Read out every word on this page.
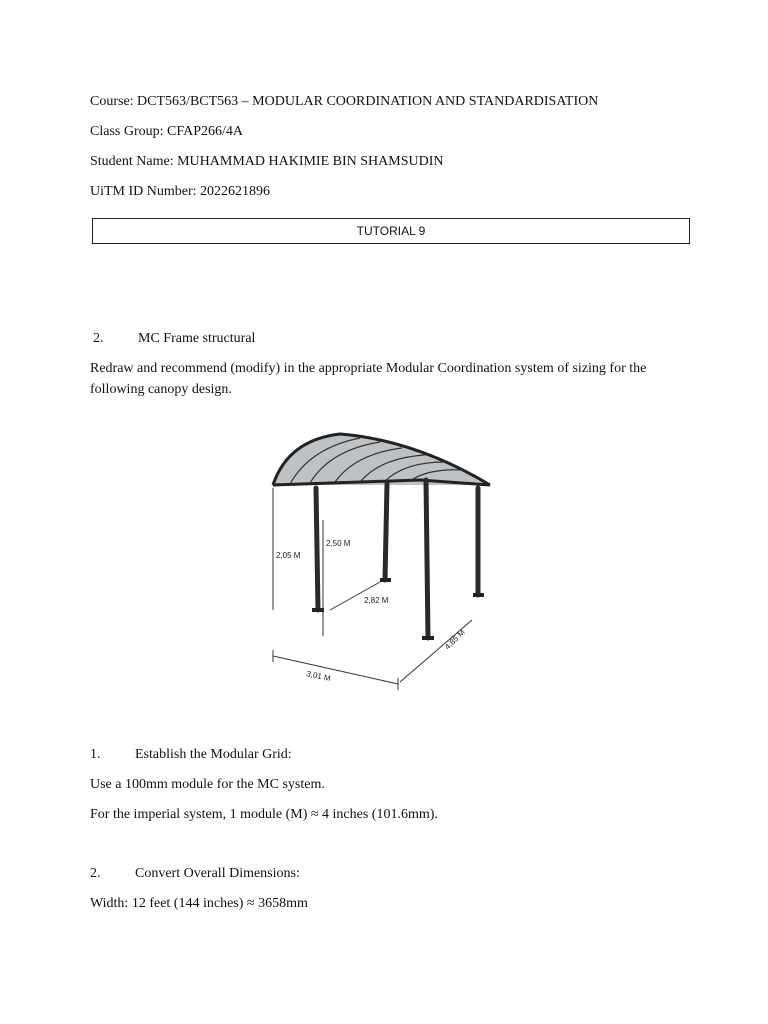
Course: DCT563/BCT563 – MODULAR COORDINATION AND STANDARDISATION
Class Group: CFAP266/4A
Student Name: MUHAMMAD HAKIMIE BIN SHAMSUDIN
UiTM ID Number: 2022621896
TUTORIAL 9
2. MC Frame structural
Redraw and recommend (modify) in the appropriate Modular Coordination system of sizing for the following canopy design.
2,05 M
2,50 M
2,82 M
3,01 M
4,85 M
1. Establish the Modular Grid:
Use a 100mm module for the MC system.
For the imperial system, 1 module (M) ≈ 4 inches (101.6mm).
2. Convert Overall Dimensions:
Width: 12 feet (144 inches) ≈ 3658mm
